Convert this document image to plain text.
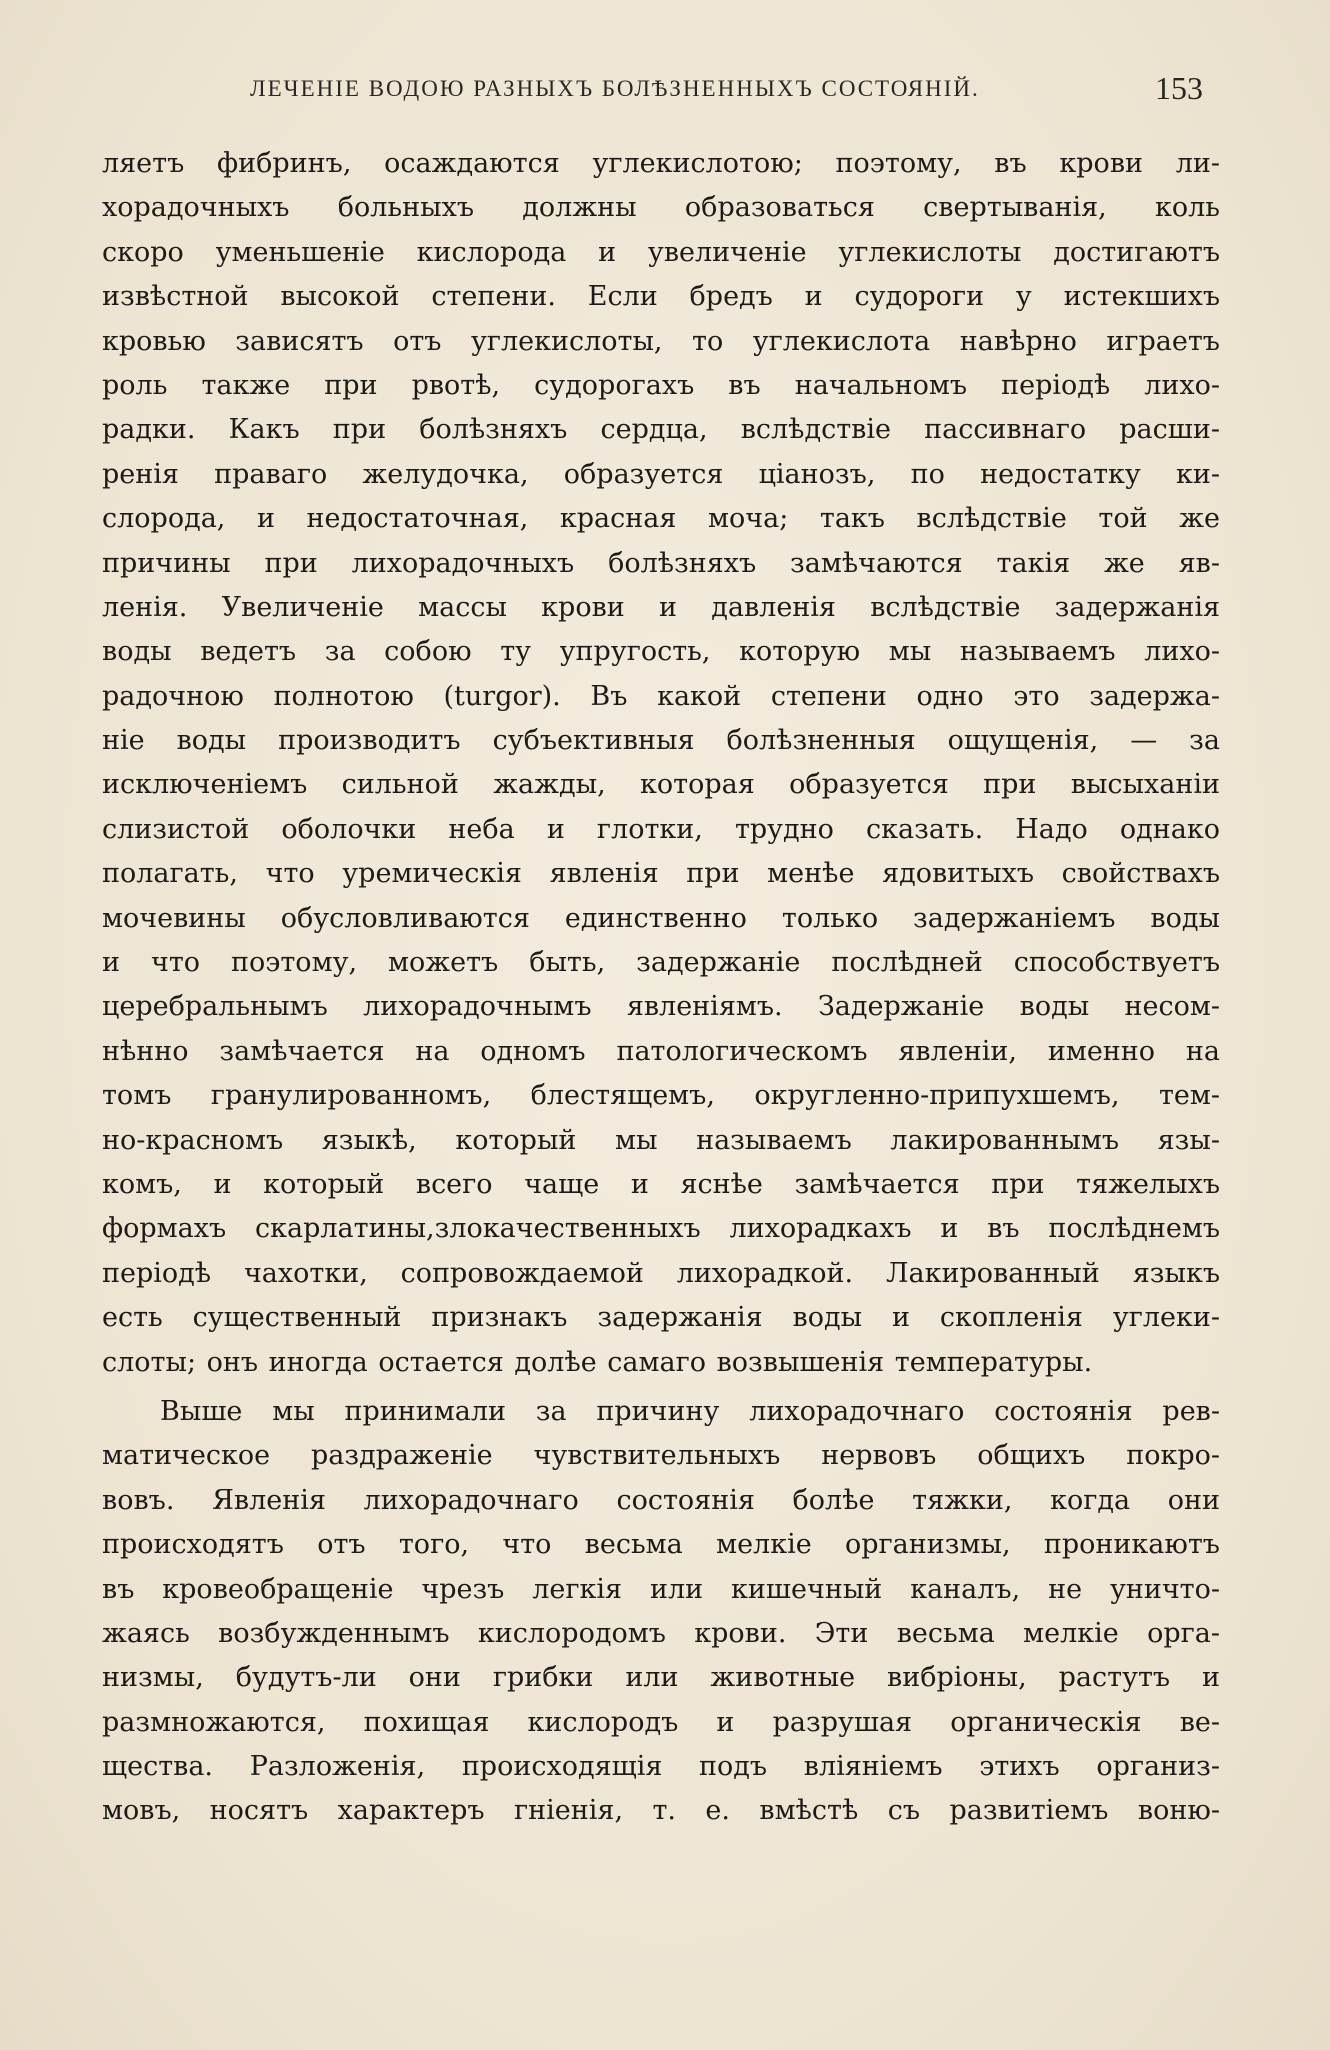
ЛЕЧЕНІЕ ВОДОЮ РАЗНЫХЪ БОЛѢЗНЕННЫХЪ СОСТОЯНІЙ.	153
ляетъ фибринъ, осаждаются углекислотою; поэтому, въ крови ли-
хорадочныхъ больныхъ должны образоваться свертыванія, коль
скоро уменьшеніе кислорода и увеличеніе углекислоты достигаютъ
извѣстной высокой степени. Если бредъ и судороги у истекшихъ
кровью зависятъ отъ углекислоты, то углекислота навѣрно играетъ
роль также при рвотѣ, судорогахъ въ начальномъ періодѣ лихо-
радки. Какъ при болѣзняхъ сердца, вслѣдствіе пассивнаго расши-
ренія праваго желудочка, образуется ціанозъ, по недостатку ки-
слорода, и недостаточная, красная моча; такъ вслѣдствіе той же
причины при лихорадочныхъ болѣзняхъ замѣчаются такія же яв-
ленія. Увеличеніе массы крови и давленія вслѣдствіе задержанія
воды ведетъ за собою ту упругость, которую мы называемъ лихо-
радочною полнотою (turgor). Въ какой степени одно это задержа-
ніе воды производитъ субъективныя болѣзненныя ощущенія, — за
исключеніемъ сильной жажды, которая образуется при высыханіи
слизистой оболочки неба и глотки, трудно сказать. Надо однако
полагать, что уремическія явленія при менѣе ядовитыхъ свойствахъ
мочевины обусловливаются единственно только задержаніемъ воды
и что поэтому, можетъ быть, задержаніе послѣдней способствуетъ
церебральнымъ лихорадочнымъ явленіямъ. Задержаніе воды несом-
нѣнно замѣчается на одномъ патологическомъ явленіи, именно на
томъ гранулированномъ, блестящемъ, округленно-припухшемъ, тем-
но-красномъ языкѣ, который мы называемъ лакированнымъ язы-
комъ, и который всего чаще и яснѣе замѣчается при тяжелыхъ
формахъ скарлатины,злокачественныхъ лихорадкахъ и въ послѣднемъ
періодѣ чахотки, сопровождаемой лихорадкой. Лакированный языкъ
есть существенный признакъ задержанія воды и скопленія углеки-
слоты; онъ иногда остается долѣе самаго возвышенія температуры.
Выше мы принимали за причину лихорадочнаго состоянія рев-
матическое раздраженіе чувствительныхъ нервовъ общихъ покро-
вовъ. Явленія лихорадочнаго состоянія болѣе тяжки, когда они
происходятъ отъ того, что весьма мелкіе организмы, проникаютъ
въ кровеобращеніе чрезъ легкія или кишечный каналъ, не уничто-
жаясь возбужденнымъ кислородомъ крови. Эти весьма мелкіе орга-
низмы, будутъ-ли они грибки или животные вибріоны, растутъ и
размножаются, похищая кислородъ и разрушая органическія ве-
щества. Разложенія, происходящія подъ вліяніемъ этихъ организ-
мовъ, носятъ характеръ гніенія, т. е. вмѣстѣ съ развитіемъ воню-
